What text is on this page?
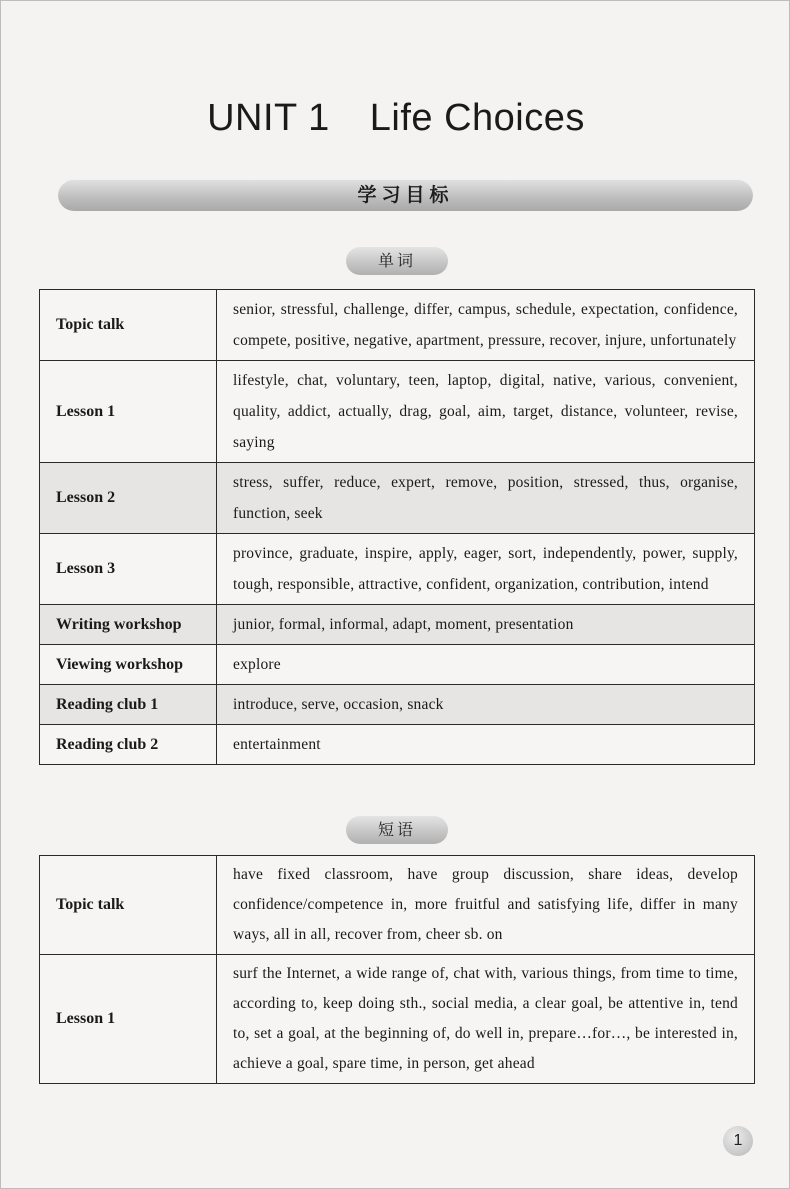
UNIT 1 Life Choices
学习目标
单词
Topic talk	senior, stressful, challenge, differ, campus, schedule, expectation, confidence, compete, positive, negative, apartment, pressure, recover, injure, unfortunately
Lesson 1	lifestyle, chat, voluntary, teen, laptop, digital, native, various, convenient, quality, addict, actually, drag, goal, aim, target, distance, volunteer, revise, saying
Lesson 2	stress, suffer, reduce, expert, remove, position, stressed, thus, organise, function, seek
Lesson 3	province, graduate, inspire, apply, eager, sort, independently, power, supply, tough, responsible, attractive, confident, organization, contribution, intend
Writing workshop	junior, formal, informal, adapt, moment, presentation
Viewing workshop	explore
Reading club 1	introduce, serve, occasion, snack
Reading club 2	entertainment
短语
Topic talk	have fixed classroom, have group discussion, share ideas, develop confidence/competence in, more fruitful and satisfying life, differ in many ways, all in all, recover from, cheer sb. on
Lesson 1	surf the Internet, a wide range of, chat with, various things, from time to time, according to, keep doing sth., social media, a clear goal, be attentive in, tend to, set a goal, at the beginning of, do well in, prepare…for…, be interested in, achieve a goal, spare time, in person, get ahead
1
